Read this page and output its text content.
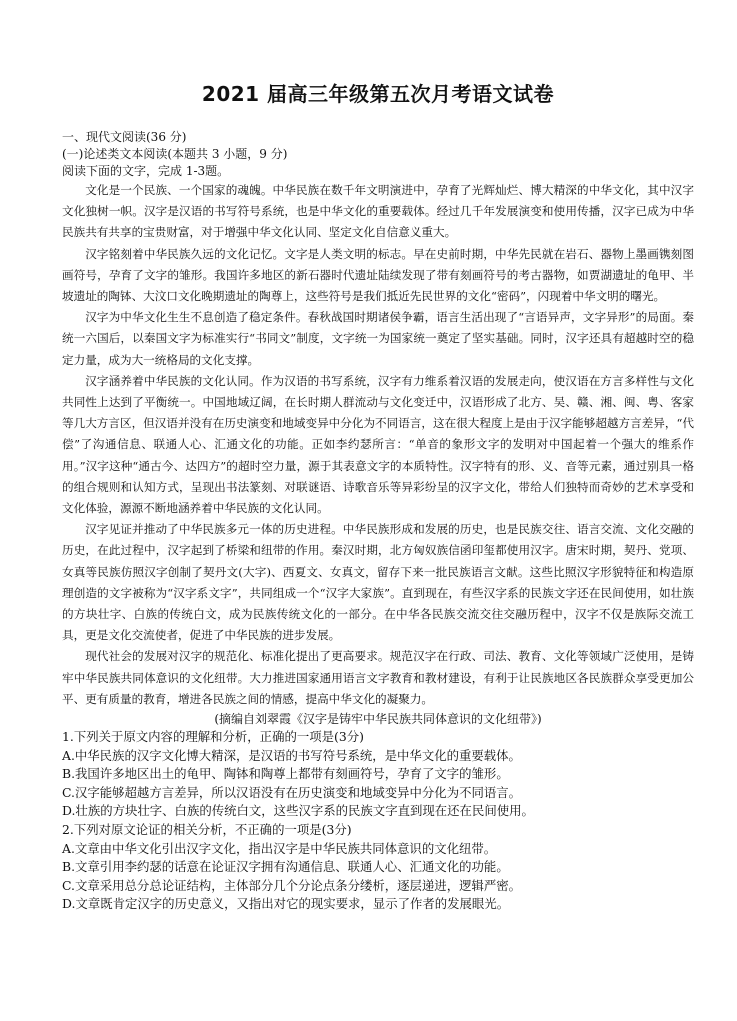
2021 届高三年级第五次月考语文试卷
一、现代文阅读(36 分)
(一)论述类文本阅读(本题共 3 小题，9 分)
阅读下面的文字，完成 1-3题。

文化是一个民族、一个国家的魂魄。中华民族在数千年文明演进中，孕育了光辉灿烂、博大精深的中华文化，其中汉字文化独树一帜。汉字是汉语的书写符号系统，也是中华文化的重要载体。经过几千年发展演变和使用传播，汉字已成为中华民族共有共享的宝贵财富，对于增强中华文化认同、坚定文化自信意义重大。

汉字铭刻着中华民族久远的文化记忆。文字是人类文明的标志。早在史前时期，中华先民就在岩石、器物上墨画镌刻图画符号，孕育了文字的雏形。我国许多地区的新石器时代遗址陆续发现了带有刻画符号的考古器物，如贾湖遗址的龟甲、半坡遗址的陶钵、大汶口文化晚期遗址的陶尊上，这些符号是我们抵近先民世界的文化“密码”，闪现着中华文明的曙光。

汉字为中华文化生生不息创造了稳定条件。春秋战国时期诸侯争霸，语言生活出现了“言语异声，文字异形”的局面。秦统一六国后，以秦国文字为标准实行“书同文”制度，文字统一为国家统一奠定了坚实基础。同时，汉字还具有超越时空的稳定力量，成为大一统格局的文化支撑。

汉字涵养着中华民族的文化认同。作为汉语的书写系统，汉字有力维系着汉语的发展走向，使汉语在方言多样性与文化共同性上达到了平衡统一。中国地域辽阔，在长时期人群流动与文化变迁中，汉语形成了北方、吴、赣、湘、闽、粤、客家等几大方言区，但汉语并没有在历史演变和地域变异中分化为不同语言，这在很大程度上是由于汉字能够超越方言差异，“代偿”了沟通信息、联通人心、汇通文化的功能。正如李约瑟所言：“单音的象形文字的发明对中国起着一个强大的维系作用。”汉字这种“通古今、达四方”的超时空力量，源于其表意文字的本质特性。汉字特有的形、义、音等元素，通过别具一格的组合规则和认知方式，呈现出书法篆刻、对联谜语、诗歌音乐等异彩纷呈的汉字文化，带给人们独特而奇妙的艺术享受和文化体验，源源不断地涵养着中华民族的文化认同。

汉字见证并推动了中华民族多元一体的历史进程。中华民族形成和发展的历史，也是民族交往、语言交流、文化交融的历史，在此过程中，汉字起到了桥梁和纽带的作用。秦汉时期，北方匈奴族信函印玺都使用汉字。唐宋时期，契丹、党项、女真等民族仿照汉字创制了契丹文(大字)、西夏文、女真文，留存下来一批民族语言文献。这些比照汉字形貌特征和构造原理创造的文字被称为“汉字系文字”，共同组成一个“汉字大家族”。直到现在，有些汉字系的民族文字还在民间使用，如壮族的方块壮字、白族的传统白文，成为民族传统文化的一部分。在中华各民族交流交往交融历程中，汉字不仅是族际交流工具，更是文化交流使者，促进了中华民族的进步发展。

现代社会的发展对汉字的规范化、标准化提出了更高要求。规范汉字在行政、司法、教育、文化等领域广泛使用，是铸牢中华民族共同体意识的文化纽带。大力推进国家通用语言文字教育和教材建设，有利于让民族地区各民族群众享受更加公平、更有质量的教育，增进各民族之间的情感，提高中华文化的凝聚力。

(摘编自刘翠霞《汉字是铸牢中华民族共同体意识的文化纽带》)

1.下列关于原文内容的理解和分析，正确的一项是(3分)

A.中华民族的汉字文化博大精深，是汉语的书写符号系统，是中华文化的重要载体。

B.我国许多地区出土的龟甲、陶钵和陶尊上都带有刻画符号，孕育了文字的雏形。

C.汉字能够超越方言差异，所以汉语没有在历史演变和地域变异中分化为不同语言。

D.壮族的方块壮字、白族的传统白文，这些汉字系的民族文字直到现在还在民间使用。

2.下列对原文论证的相关分析，不正确的一项是(3分)

A.文章由中华文化引出汉字文化，指出汉字是中华民族共同体意识的文化纽带。

B.文章引用李约瑟的话意在论证汉字拥有沟通信息、联通人心、汇通文化的功能。

C.文章采用总分总论证结构，主体部分几个分论点条分缕析，逐层递进，逻辑严密。

D.文章既肯定汉字的历史意义，又指出对它的现实要求，显示了作者的发展眼光。
